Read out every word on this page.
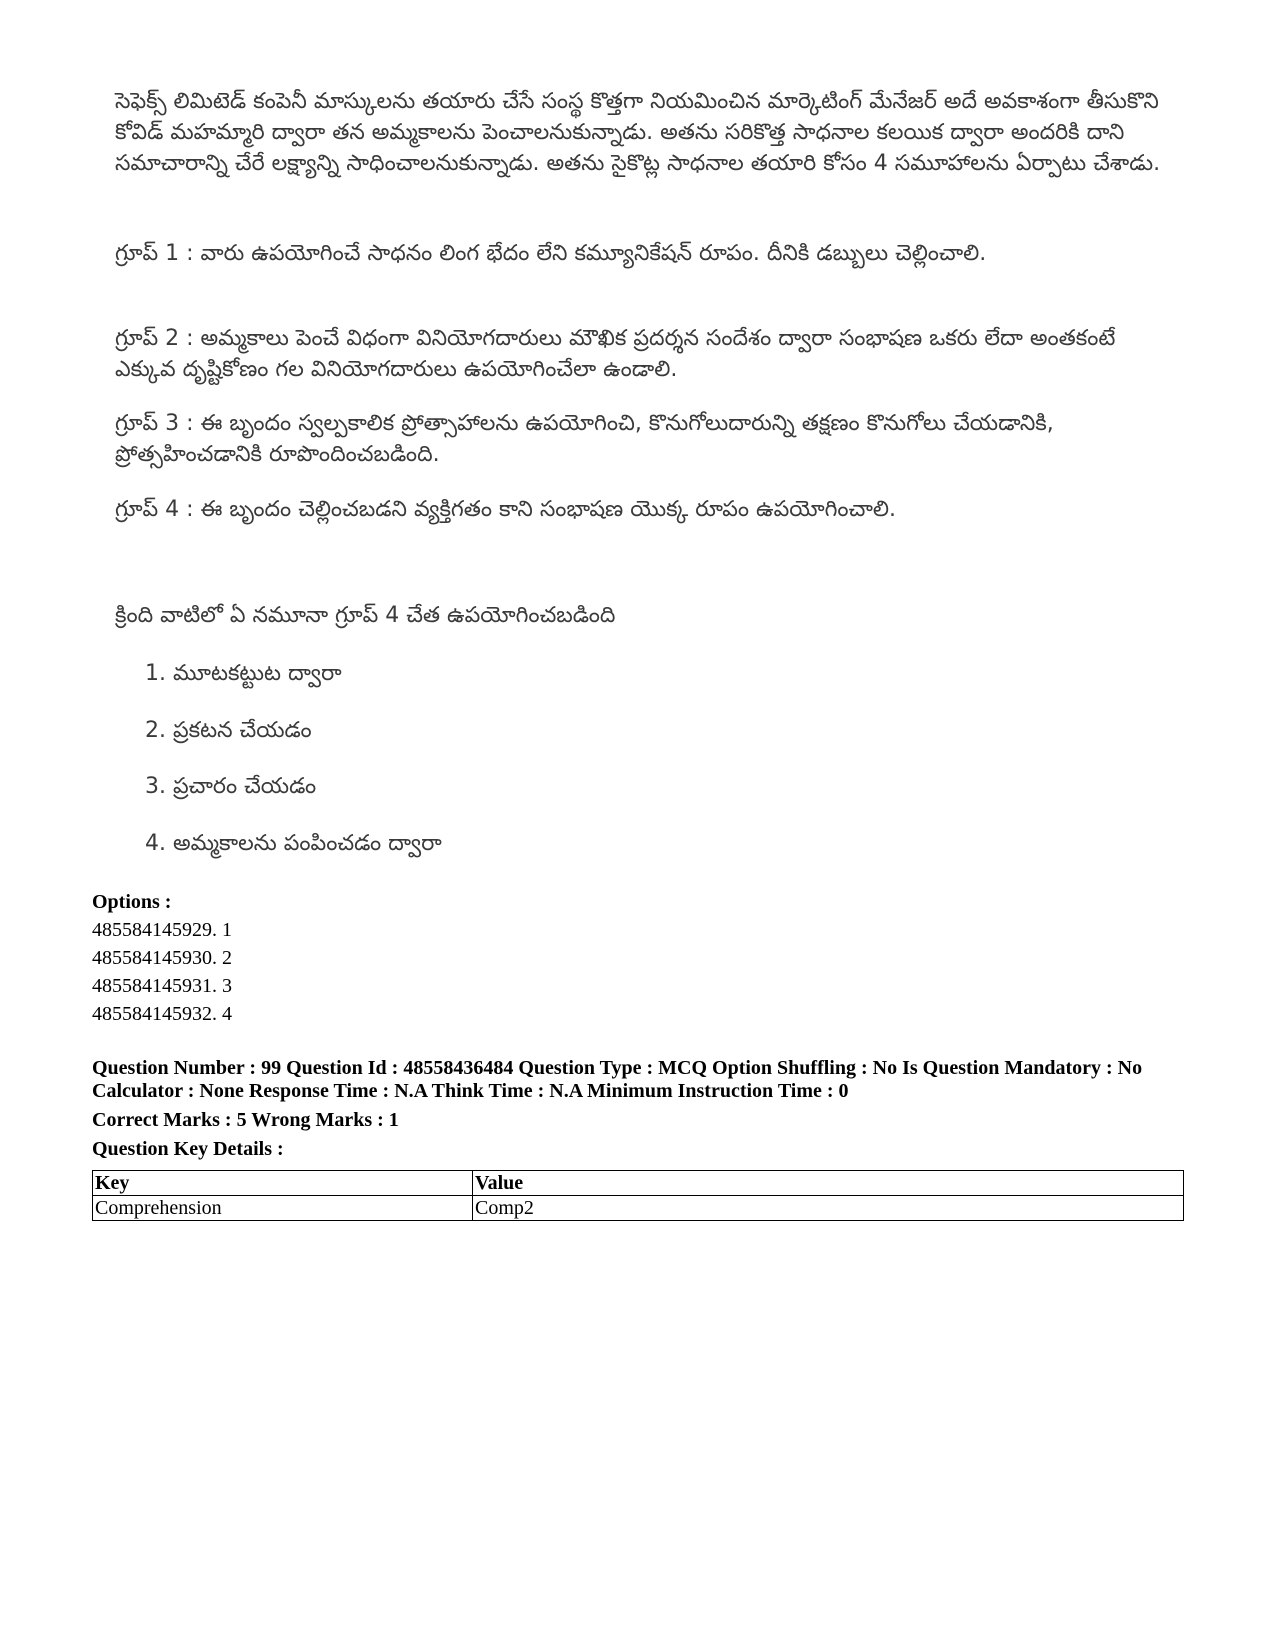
సెఫెక్స్ లిమిటెడ్ కంపెనీ మాస్కులను తయారు చేసే సంస్థ కొత్తగా నియమించిన మార్కెటింగ్ మేనేజర్ అదే అవకాశంగా తీసుకొని కోవిడ్ మహమ్మారి ద్వారా తన అమ్మకాలను పెంచాలనుకున్నాడు. అతను సరికొత్త సాధనాల కలయిక ద్వారా అందరికి దాని సమాచారాన్ని చేరే లక్ష్యాన్ని సాధించాలనుకున్నాడు. అతను సైకొట్ల సాధనాల తయారి కోసం 4 సమూహాలను ఏర్పాటు చేశాడు.
గ్రూప్ 1 : వారు ఉపయోగించే సాధనం లింగ భేదం లేని కమ్యూనికేషన్ రూపం. దీనికి డబ్బులు చెల్లించాలి.
గ్రూప్ 2 : అమ్మకాలు పెంచే విధంగా వినియోగదారులు మౌఖిక ప్రదర్శన సందేశం ద్వారా సంభాషణ ఒకరు లేదా అంతకంటే ఎక్కువ దృష్టికోణం గల వినియోగదారులు ఉపయోగించేలా ఉండాలి.
గ్రూప్ 3 : ఈ బృందం స్వల్పకాలిక ప్రోత్సాహాలను ఉపయోగించి, కొనుగోలుదారున్ని తక్షణం కొనుగోలు చేయడానికి, ప్రోత్సహించడానికి రూపొందించబడింది.
గ్రూప్ 4 : ఈ బృందం చెల్లించబడని వ్యక్తిగతం కాని సంభాషణ యొక్క రూపం ఉపయోగించాలి.
క్రింది వాటిలో ఏ నమూనా గ్రూప్ 4 చేత ఉపయోగించబడింది
1. మూటకట్టుట ద్వారా
2. ప్రకటన చేయడం
3. ప్రచారం చేయడం
4. అమ్మకాలను పంపించడం ద్వారా
Options :
485584145929. 1
485584145930. 2
485584145931. 3
485584145932. 4
Question Number : 99 Question Id : 48558436484 Question Type : MCQ Option Shuffling : No Is Question Mandatory : No Calculator : None Response Time : N.A Think Time : N.A Minimum Instruction Time : 0
Correct Marks : 5 Wrong Marks : 1
Question Key Details :
Key	Value
Comprehension	Comp2
